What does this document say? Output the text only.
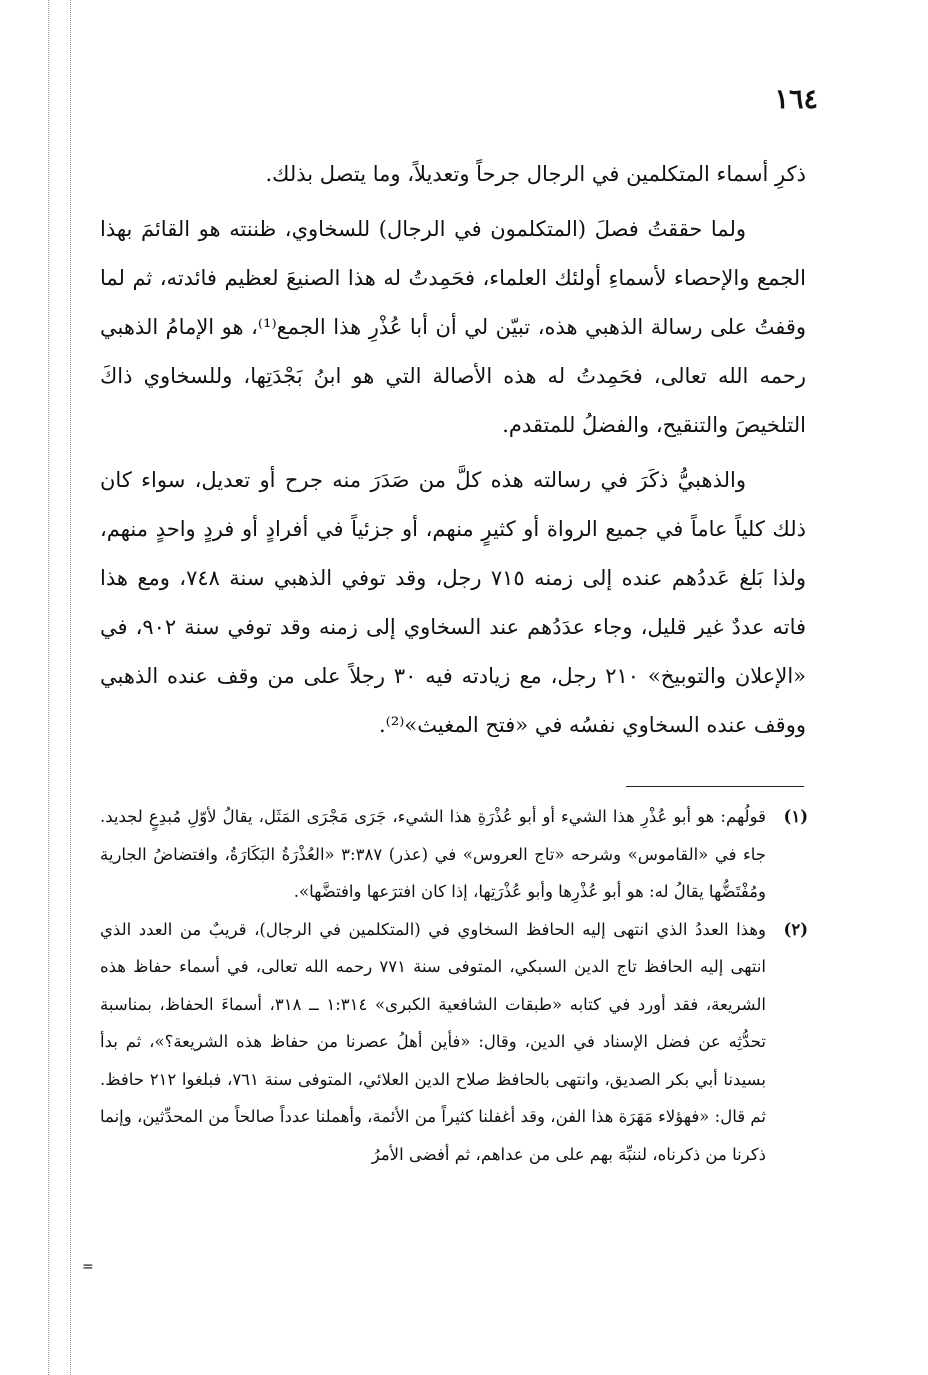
١٦٤

ذكرِ أسماء المتكلمين في الرجال جرحاً وتعديلاً، وما يتصل بذلك.

ولما حققتُ فصلَ (المتكلمون في الرجال) للسخاوي، ظننته هو القائمَ بهذا الجمع والإحصاء لأسماءِ أولئك العلماء، فحَمِدتُ له هذا الصنيعَ لعظيم فائدته، ثم لما وقفتُ على رسالة الذهبي هذه، تبيّن لي أن أبا عُذْرِ هذا الجمع⁽¹⁾، هو الإمامُ الذهبي رحمه الله تعالى، فحَمِدتُ له هذه الأصالة التي هو ابنُ بَجْدَتِها، وللسخاوي ذاكَ التلخيصَ والتنقيح، والفضلُ للمتقدم.

والذهبيُّ ذكَرَ في رسالته هذه كلَّ من صَدَرَ منه جرح أو تعديل، سواء كان ذلك كلياً عاماً في جميع الرواة أو كثيرٍ منهم، أو جزئياً في أفرادٍ أو فردٍ واحدٍ منهم، ولذا بَلغ عَددُهم عنده إلى زمنه ٧١٥ رجل، وقد توفي الذهبي سنة ٧٤٨، ومع هذا فاته عددٌ غير قليل، وجاء عدَدُهم عند السخاوي إلى زمنه وقد توفي سنة ٩٠٢، في «الإعلان والتوبيخ» ٢١٠ رجل، مع زيادته فيه ٣٠ رجلاً على من وقف عنده الذهبي ووقف عنده السخاوي نفسُه في «فتح المغيث»⁽²⁾.

(١)
قولُهم: هو أبو عُذْرِ هذا الشيء أو أبو عُذْرَةِ هذا الشيء، جَرَى مَجْرَى المَثَل، يقالُ لأوّلِ مُبدِعٍ لجديد. جاء في «القاموس» وشرحه «تاج العروس» في (عذر) ٣:٣٨٧ «العُذْرَةُ البَكَارَةُ، وافتضاضُ الجارية ومُفْتَضُّها يقالُ له: هو أبو عُذْرِها وأبو عُذْرَتِها، إذا كان افترَعها وافتضَّها».

(٢)
وهذا العددُ الذي انتهى إليه الحافظ السخاوي في (المتكلمين في الرجال)، قريبٌ من العدد الذي انتهى إليه الحافظ تاج الدين السبكي، المتوفى سنة ٧٧١ رحمه الله تعالى، في أسماء حفاظ هذه الشريعة، فقد أورد في كتابه «طبقات الشافعية الكبرى» ١:٣١٤ ــ ٣١٨، أسماءَ الحفاظ، بمناسبة تحدُّثِه عن فضل الإسناد في الدين، وقال: «فأين أهلُ عصرنا من حفاظ هذه الشريعة؟»، ثم بدأ بسيدنا أبي بكر الصديق، وانتهى بالحافظ صلاح الدين العلائي، المتوفى سنة ٧٦١، فبلغوا ٢١٢ حافظ. ثم قال: «فهؤلاء مَهَرَة هذا الفن، وقد أغفلنا كثيراً من الأئمة، وأهملنا عدداً صالحاً من المحدِّثين، وإنما ذكرنا من ذكرناه، لننبِّهَ بهم على من عداهم، ثم أفضى الأمرُ

=
